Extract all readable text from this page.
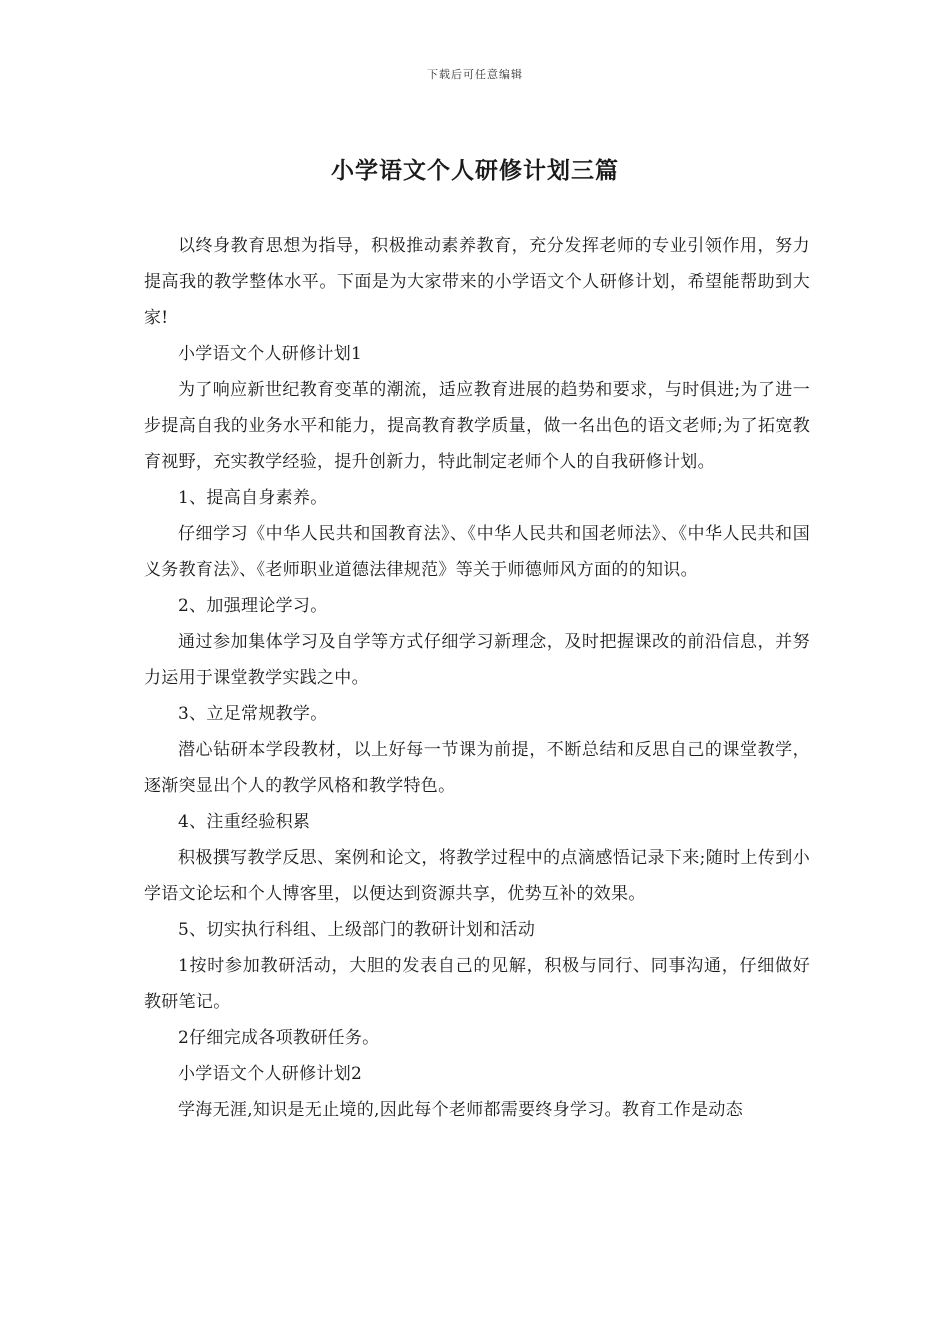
下载后可任意编辑
小学语文个人研修计划三篇

以终身教育思想为指导，积极推动素养教育，充分发挥老师的专业引领作用，努力提高我的教学整体水平。下面是为大家带来的小学语文个人研修计划，希望能帮助到大家!

小学语文个人研修计划1

为了响应新世纪教育变革的潮流，适应教育进展的趋势和要求，与时俱进;为了进一步提高自我的业务水平和能力，提高教育教学质量，做一名出色的语文老师;为了拓宽教育视野，充实教学经验，提升创新力，特此制定老师个人的自我研修计划。

1、提高自身素养。

仔细学习《中华人民共和国教育法》、《中华人民共和国老师法》、《中华人民共和国义务教育法》、《老师职业道德法律规范》等关于师德师风方面的的知识。

2、加强理论学习。

通过参加集体学习及自学等方式仔细学习新理念，及时把握课改的前沿信息，并努力运用于课堂教学实践之中。

3、立足常规教学。

潜心钻研本学段教材，以上好每一节课为前提，不断总结和反思自己的课堂教学，逐渐突显出个人的教学风格和教学特色。

4、注重经验积累

积极撰写教学反思、案例和论文，将教学过程中的点滴感悟记录下来;随时上传到小学语文论坛和个人博客里，以便达到资源共享，优势互补的效果。

5、切实执行科组、上级部门的教研计划和活动

1按时参加教研活动，大胆的发表自己的见解，积极与同行、同事沟通，仔细做好教研笔记。

2仔细完成各项教研任务。

小学语文个人研修计划2

学海无涯,知识是无止境的,因此每个老师都需要终身学习。教育工作是动态
